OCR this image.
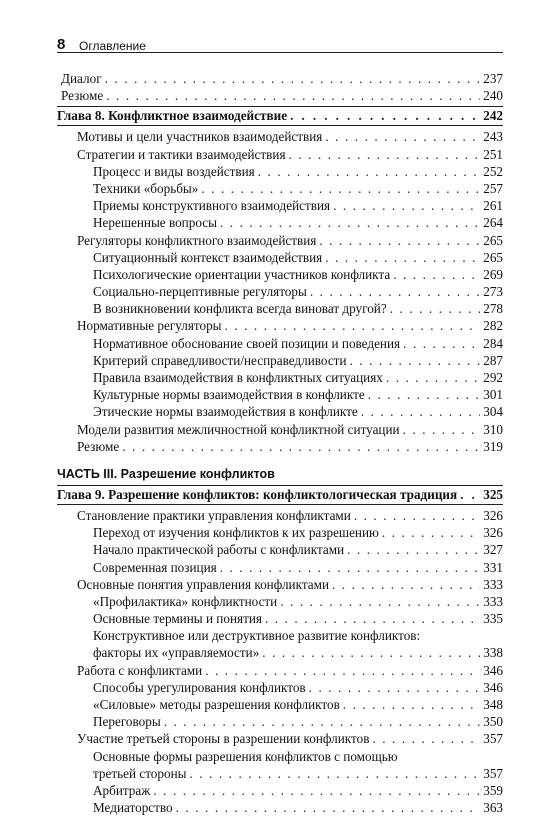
8 Оглавление
Диалог . . .	237
Резюме . . .	240
Глава 8. Конфликтное взаимодействие . . .	242
Мотивы и цели участников взаимодействия . . .	243
Стратегии и тактики взаимодействия . . .	251
Процесс и виды воздействия . . .	252
Техники «борьбы» . . .	257
Приемы конструктивного взаимодействия . . .	261
Нерешенные вопросы . . .	264
Регуляторы конфликтного взаимодействия . . .	265
Ситуационный контекст взаимодействия . . .	265
Психологические ориентации участников конфликта . . .	269
Социально-перцептивные регуляторы . . .	273
В возникновении конфликта всегда виноват другой? . . .	278
Нормативные регуляторы . . .	282
Нормативное обоснование своей позиции и поведения . . .	284
Критерий справедливости/несправедливости . . .	287
Правила взаимодействия в конфликтных ситуациях . . .	292
Культурные нормы взаимодействия в конфликте . . .	301
Этические нормы взаимодействия в конфликте . . .	304
Модели развития межличностной конфликтной ситуации . . .	310
Резюме . . .	319
ЧАСТЬ III. Разрешение конфликтов
Глава 9. Разрешение конфликтов: конфликтологическая традиция . . . 325
Становление практики управления конфликтами . . .	326
Переход от изучения конфликтов к их разрешению . . .	326
Начало практической работы с конфликтами . . .	327
Современная позиция . . .	331
Основные понятия управления конфликтами . . .	333
«Профилактика» конфликтности . . .	333
Основные термины и понятия . . .	335
Конструктивное или деструктивное развитие конфликтов:
факторы их «управляемости» . . .	338
Работа с конфликтами . . .	346
Способы урегулирования конфликтов . . .	346
«Силовые» методы разрешения конфликтов . . .	348
Переговоры . . .	350
Участие третьей стороны в разрешении конфликтов . . .	357
Основные формы разрешения конфликтов с помощью
третьей стороны . . .	357
Арбитраж . . .	359
Медиаторство . . .	363
